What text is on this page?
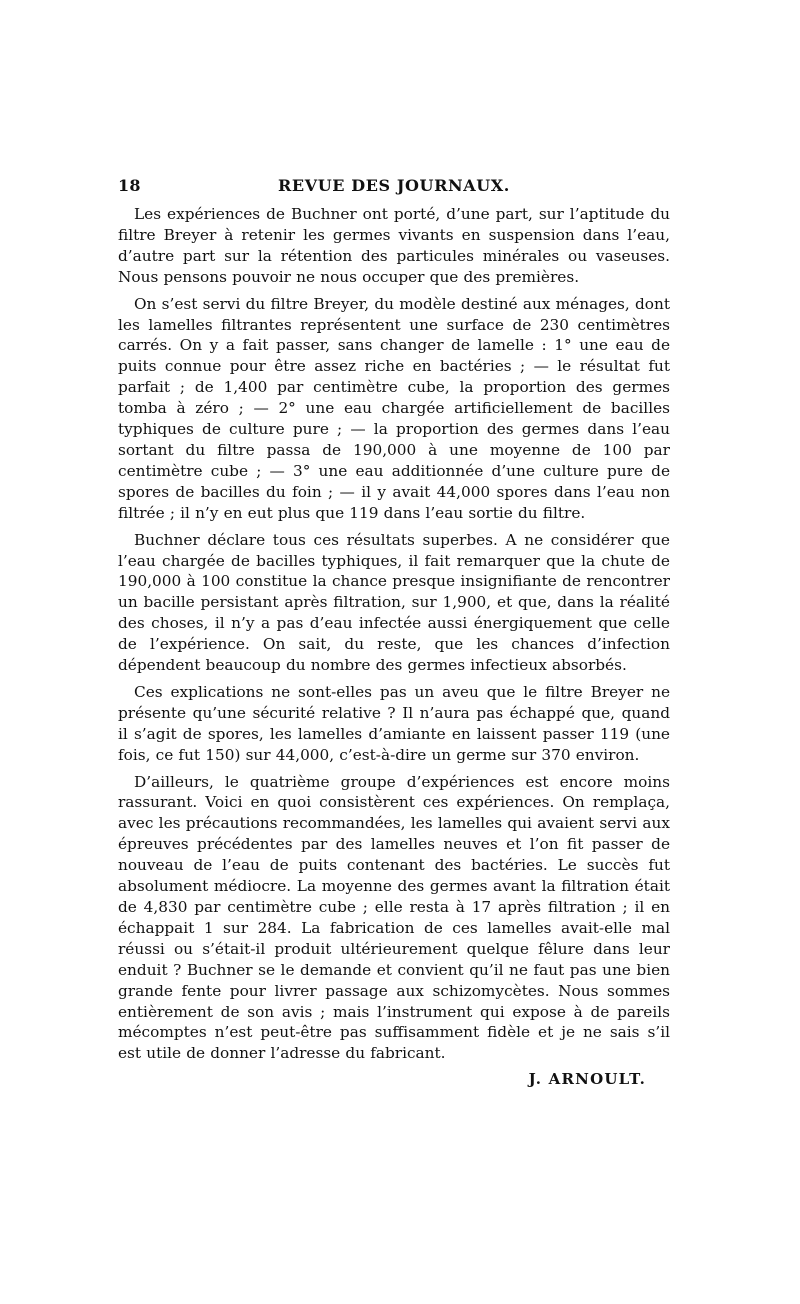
18	REVUE DES JOURNAUX.

Les expériences de Buchner ont porté, d’une part, sur l’aptitude du filtre Breyer à retenir les germes vivants en suspension dans l’eau, d’autre part sur la rétention des particules minérales ou vaseuses. Nous pensons pouvoir ne nous occuper que des premières.

On s’est servi du filtre Breyer, du modèle destiné aux ménages, dont les lamelles filtrantes représentent une surface de 230 centimètres carrés. On y a fait passer, sans changer de lamelle : 1° une eau de puits connue pour être assez riche en bactéries ; — le résultat fut parfait ; de 1,400 par centimètre cube, la proportion des germes tomba à zéro ; — 2° une eau chargée artificiellement de bacilles typhiques de culture pure ; — la proportion des germes dans l’eau sortant du filtre passa de 190,000 à une moyenne de 100 par centimètre cube ; — 3° une eau additionnée d’une culture pure de spores de bacilles du foin ; — il y avait 44,000 spores dans l’eau non filtrée ; il n’y en eut plus que 119 dans l’eau sortie du filtre.

Buchner déclare tous ces résultats superbes. A ne considérer que l’eau chargée de bacilles typhiques, il fait remarquer que la chute de 190,000 à 100 constitue la chance presque insignifiante de rencontrer un bacille persistant après filtration, sur 1,900, et que, dans la réalité des choses, il n’y a pas d’eau infectée aussi énergiquement que celle de l’expérience. On sait, du reste, que les chances d’infection dépendent beaucoup du nombre des germes infectieux absorbés.

Ces explications ne sont-elles pas un aveu que le filtre Breyer ne présente qu’une sécurité relative ? Il n’aura pas échappé que, quand il s’agit de spores, les lamelles d’amiante en laissent passer 119 (une fois, ce fut 150) sur 44,000, c’est-à-dire un germe sur 370 environ.

D’ailleurs, le quatrième groupe d’expériences est encore moins rassurant. Voici en quoi consistèrent ces expériences. On remplaça, avec les précautions recommandées, les lamelles qui avaient servi aux épreuves précédentes par des lamelles neuves et l’on fit passer de nouveau de l’eau de puits contenant des bactéries. Le succès fut absolument médiocre. La moyenne des germes avant la filtration était de 4,830 par centimètre cube ; elle resta à 17 après filtration ; il en échappait 1 sur 284. La fabrication de ces lamelles avait-elle mal réussi ou s’était-il produit ultérieurement quelque fêlure dans leur enduit ? Buchner se le demande et convient qu’il ne faut pas une bien grande fente pour livrer passage aux schizomycètes. Nous sommes entièrement de son avis ; mais l’instrument qui expose à de pareils mécomptes n’est peut-être pas suffisamment fidèle et je ne sais s’il est utile de donner l’adresse du fabricant.

J. ARNOULT.
